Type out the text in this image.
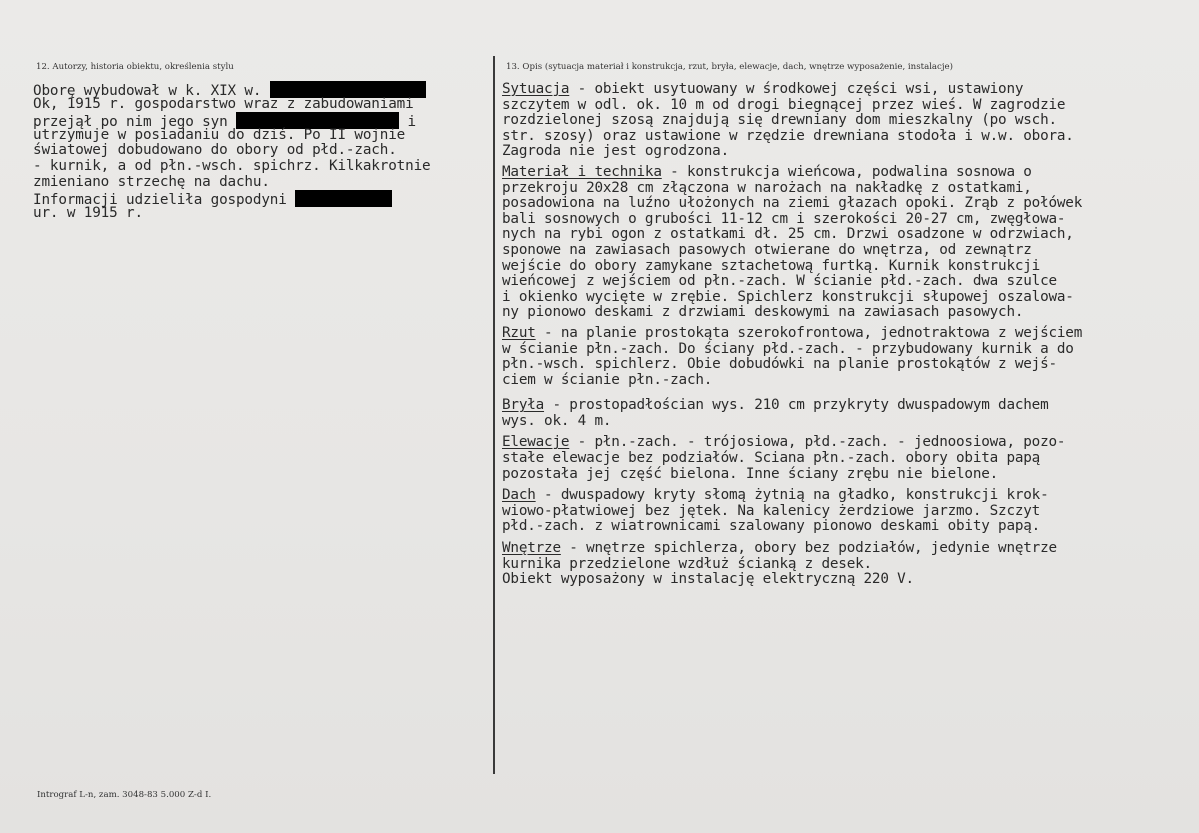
12. Autorzy, historia obiektu, określenia stylu	13. Opis (sytuacja materiał i konstrukcja, rzut, bryła, elewacje, dach, wnętrze wyposażenie, instalacje)
Oborę wybudował w k. XIX w.
Ok, 1915 r. gospodarstwo wraz z zabudowaniami
przejął po nim jego syn	i
utrzymuje w posiadaniu do dziś. Po II wojnie
światowej dobudowano do obory od płd.-zach.
- kurnik, a od płn.-wsch. spichrz. Kilkakrotnie
zmieniano strzechę na dachu.
Informacji udzieliła gospodyni
ur. w 1915 r.
Sytuacja - obiekt usytuowany w środkowej części wsi, ustawiony
szczytem w odl. ok. 10 m od drogi biegnącej przez wieś. W zagrodzie
rozdzielonej szosą znajdują się drewniany dom mieszkalny (po wsch.
str. szosy) oraz ustawione w rzędzie drewniana stodoła i w.w. obora.
Zagroda nie jest ogrodzona.
Materiał i technika - konstrukcja wieńcowa, podwalina sosnowa o
przekroju 20x28 cm złączona w narożach na nakładkę z ostatkami,
posadowiona na luźno ułożonych na ziemi głazach opoki. Zrąb z połówek
bali sosnowych o grubości 11-12 cm i szerokości 20-27 cm, zwęgłowa-
nych na rybi ogon z ostatkami dł. 25 cm. Drzwi osadzone w odrzwiach,
sponowe na zawiasach pasowych otwierane do wnętrza, od zewnątrz
wejście do obory zamykane sztachetową furtką. Kurnik konstrukcji
wieńcowej z wejściem od płn.-zach. W ścianie płd.-zach. dwa szulce
i okienko wycięte w zrębie. Spichlerz konstrukcji słupowej oszalowa-
ny pionowo deskami z drzwiami deskowymi na zawiasach pasowych.
Rzut - na planie prostokąta szerokofrontowa, jednotraktowa z wejściem
w ścianie płn.-zach. Do ściany płd.-zach. - przybudowany kurnik a do
płn.-wsch. spichlerz. Obie dobudówki na planie prostokątów z wejś-
ciem w ścianie płn.-zach.
Bryła - prostopadłościan wys. 210 cm przykryty dwuspadowym dachem
wys. ok. 4 m.
Elewacje - płn.-zach. - trójosiowa, płd.-zach. - jednoosiowa, pozo-
stałe elewacje bez podziałów. Sciana płn.-zach. obory obita papą
pozostała jej część bielona. Inne ściany zrębu nie bielone.
Dach - dwuspadowy kryty słomą żytnią na gładko, konstrukcji krok-
wiowo-płatwiowej bez jętek. Na kalenicy żerdziowe jarzmo. Szczyt
płd.-zach. z wiatrownicami szalowany pionowo deskami obity papą.
Wnętrze - wnętrze spichlerza, obory bez podziałów, jedynie wnętrze
kurnika przedzielone wzdłuż ścianką z desek.
Obiekt wyposażony w instalację elektryczną 220 V.
Intrograf L-n, zam. 3048-83 5.000 Z-d I.
